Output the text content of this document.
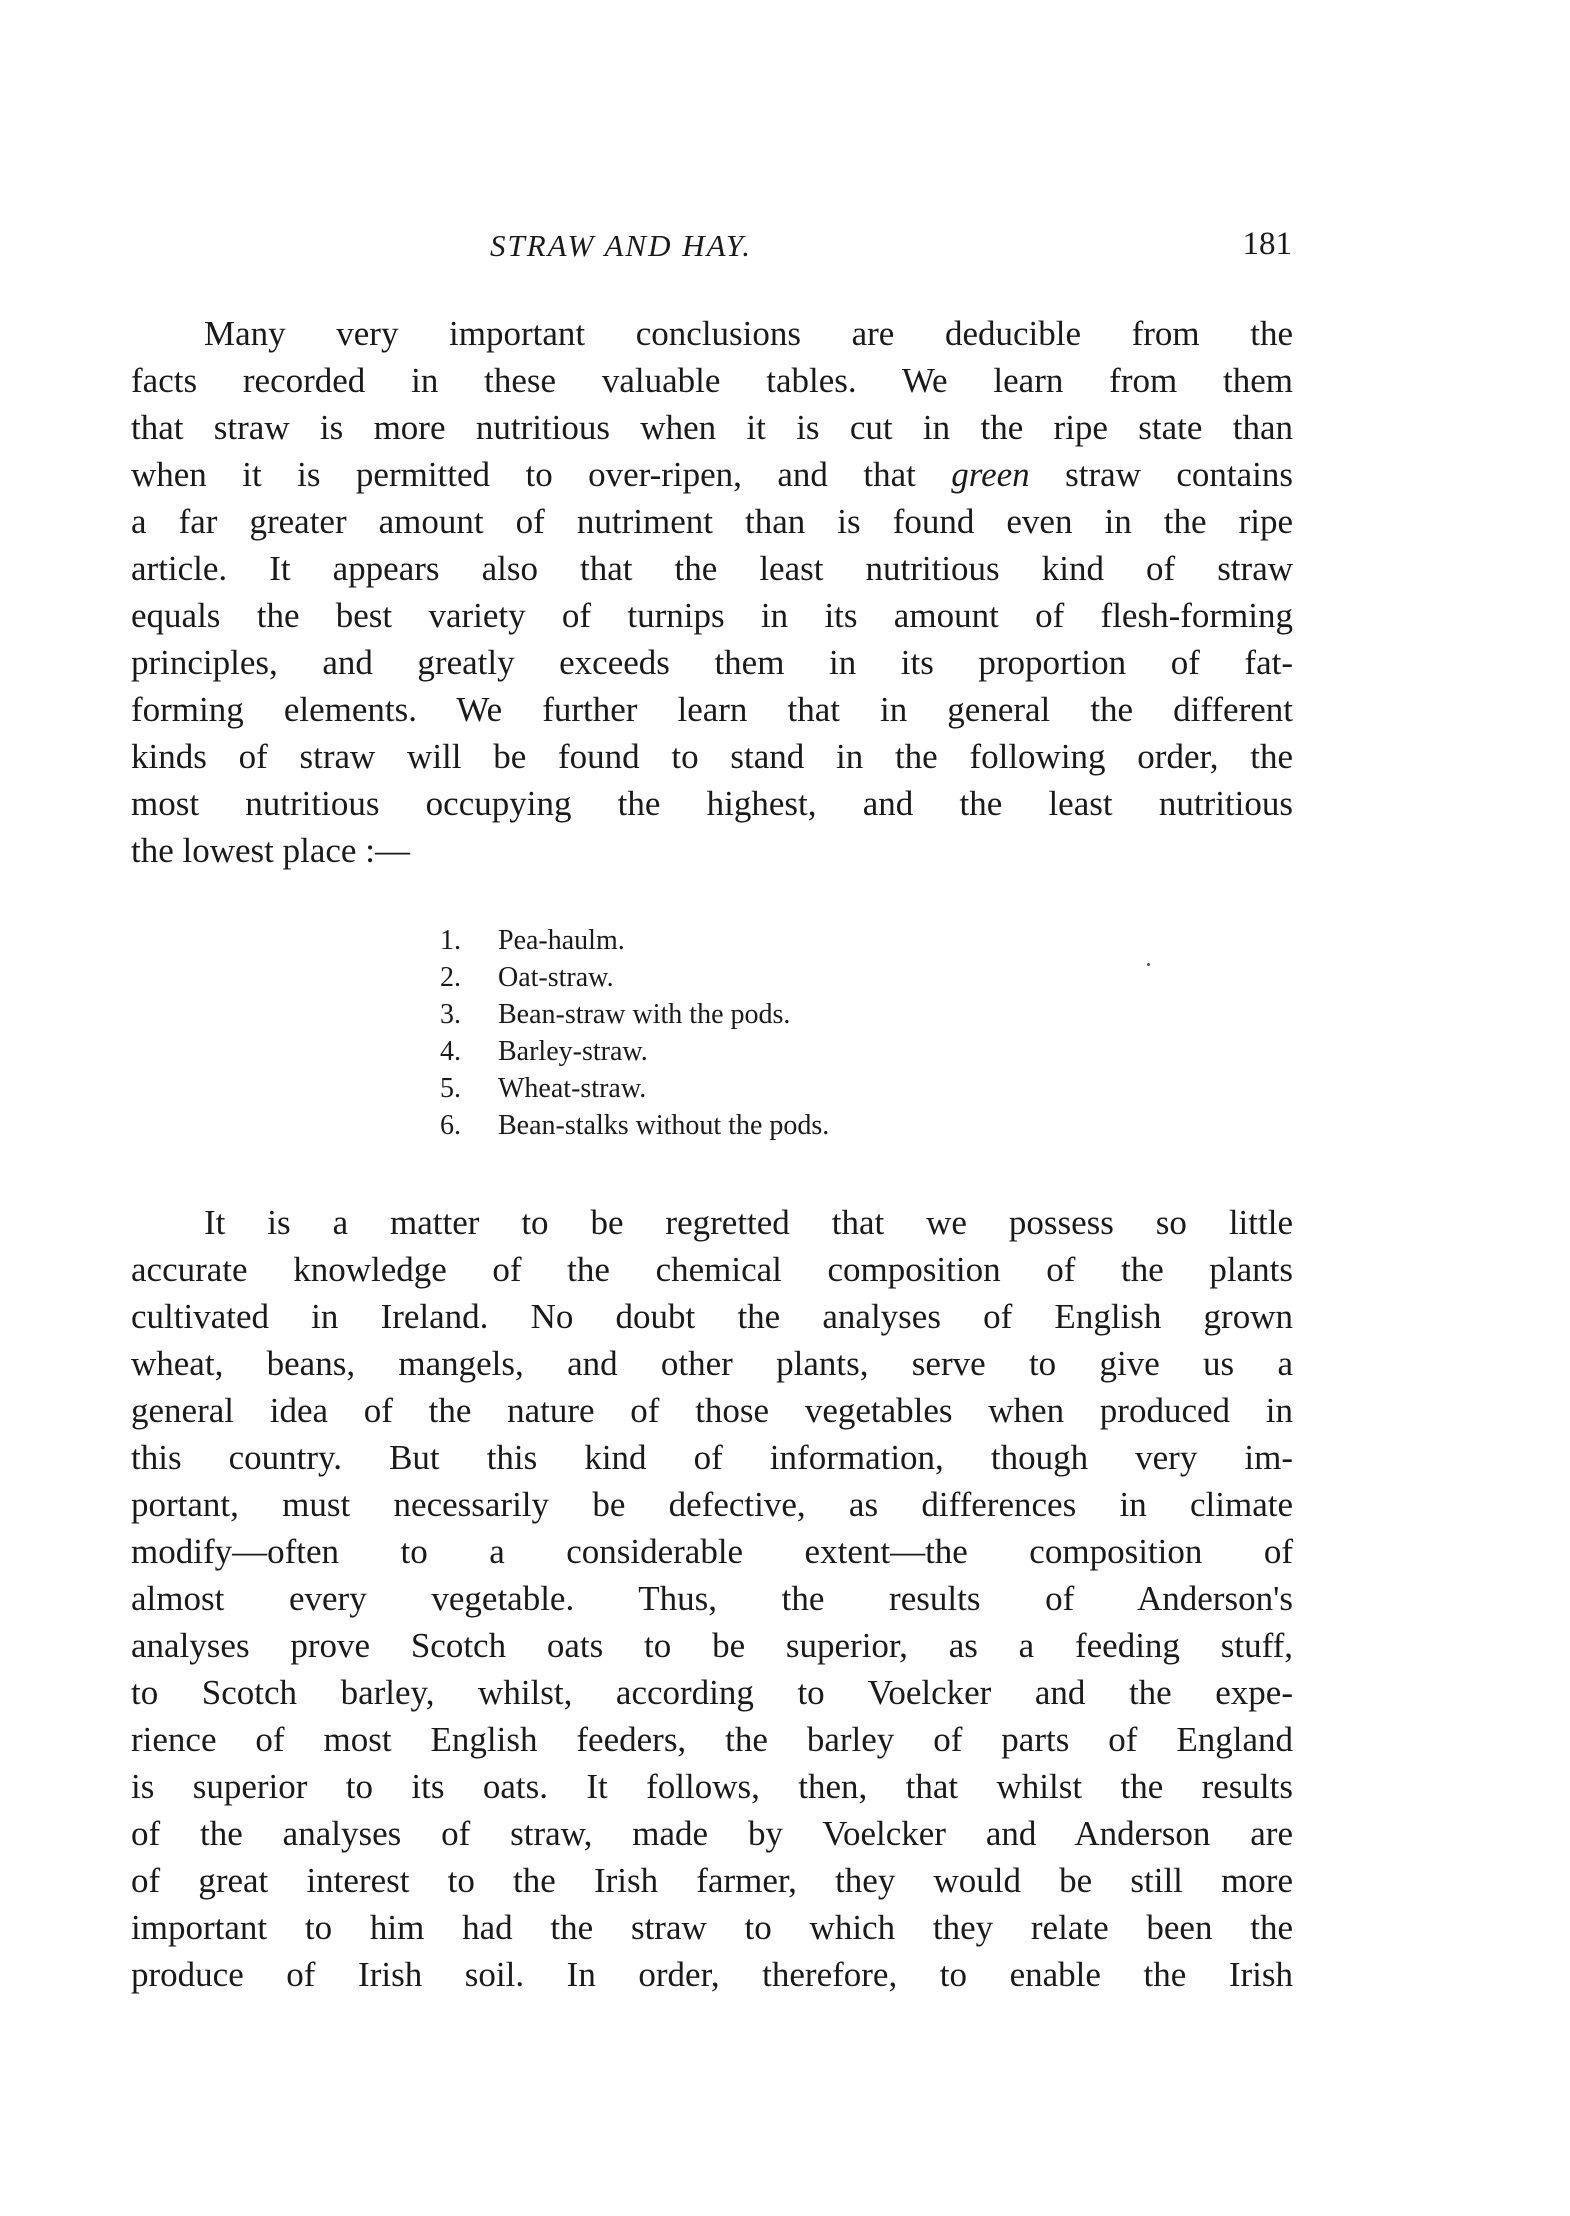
STRAW AND HAY.	181
Many very important conclusions are deducible from the
facts recorded in these valuable tables. We learn from them
that straw is more nutritious when it is cut in the ripe state than
when it is permitted to over-ripen, and that green straw contains
a far greater amount of nutriment than is found even in the ripe
article. It appears also that the least nutritious kind of straw
equals the best variety of turnips in its amount of flesh-forming
principles, and greatly exceeds them in its proportion of fat-
forming elements. We further learn that in general the different
kinds of straw will be found to stand in the following order, the
most nutritious occupying the highest, and the least nutritious
the lowest place :—
1. Pea-haulm.
2. Oat-straw.
3. Bean-straw with the pods.
4. Barley-straw.
5. Wheat-straw.
6. Bean-stalks without the pods.
It is a matter to be regretted that we possess so little
accurate knowledge of the chemical composition of the plants
cultivated in Ireland. No doubt the analyses of English grown
wheat, beans, mangels, and other plants, serve to give us a
general idea of the nature of those vegetables when produced in
this country. But this kind of information, though very im-
portant, must necessarily be defective, as differences in climate
modify—often to a considerable extent—the composition of
almost every vegetable. Thus, the results of Anderson's
analyses prove Scotch oats to be superior, as a feeding stuff,
to Scotch barley, whilst, according to Voelcker and the expe-
rience of most English feeders, the barley of parts of England
is superior to its oats. It follows, then, that whilst the results
of the analyses of straw, made by Voelcker and Anderson are
of great interest to the Irish farmer, they would be still more
important to him had the straw to which they relate been the
produce of Irish soil. In order, therefore, to enable the Irish
